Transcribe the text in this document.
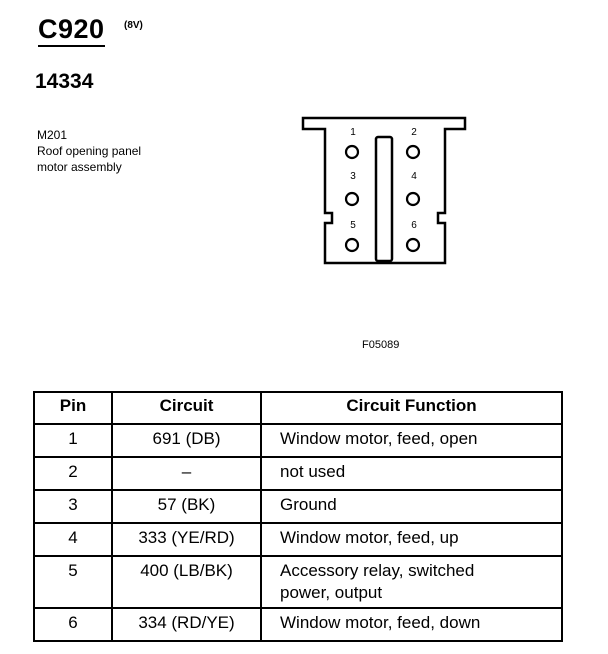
C920 (8V)
14334
M201
Roof opening panel
motor assembly
1	2
3	4
5	6
F05089
Pin	Circuit	Circuit Function
1	691 (DB)	Window motor, feed, open

2	–	not used

3	57 (BK)	Ground

4	333 (YE/RD)	Window motor, feed, up

5	400 (LB/BK)	Accessory relay, switched
power, output

6	334 (RD/YE)	Window motor, feed, down
